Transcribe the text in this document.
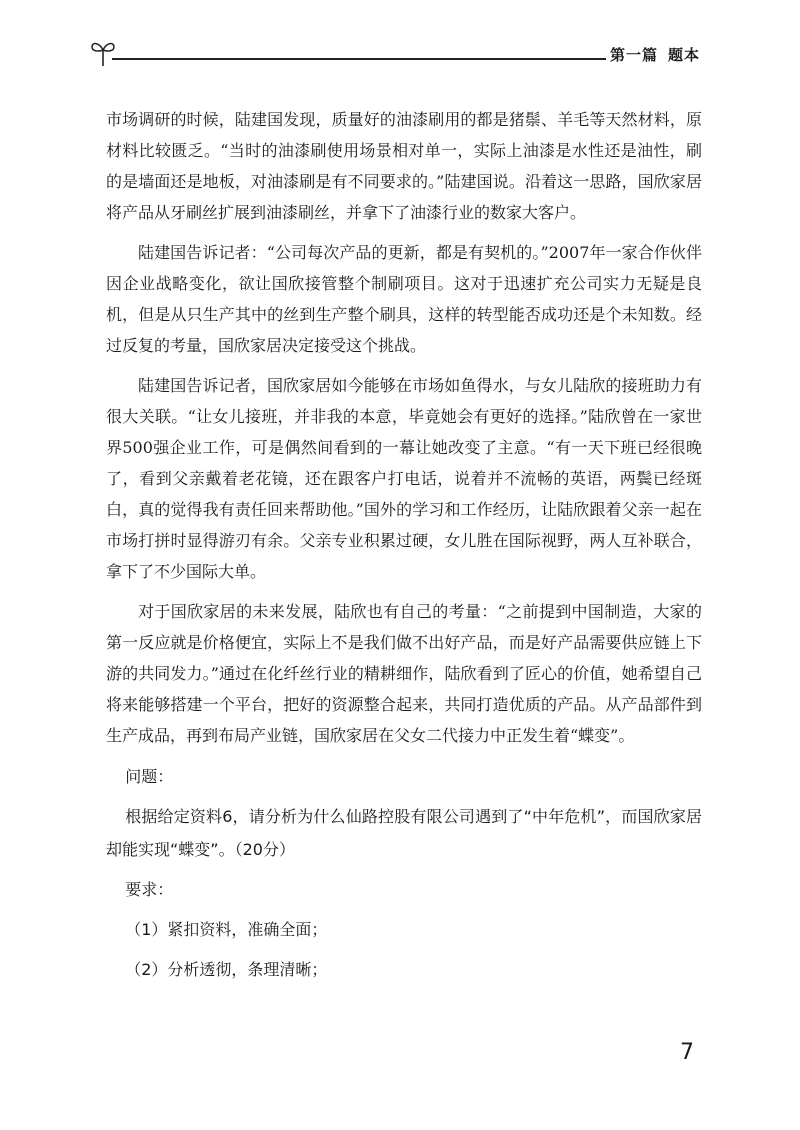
第一篇 题本

市场调研的时候，陆建国发现，质量好的油漆刷用的都是猪鬃、羊毛等天然材料，原材料比较匮乏。“当时的油漆刷使用场景相对单一，实际上油漆是水性还是油性，刷的是墙面还是地板，对油漆刷是有不同要求的。”陆建国说。沿着这一思路，国欣家居将产品从牙刷丝扩展到油漆刷丝，并拿下了油漆行业的数家大客户。

陆建国告诉记者：“公司每次产品的更新，都是有契机的。”2007年一家合作伙伴因企业战略变化，欲让国欣接管整个制刷项目。这对于迅速扩充公司实力无疑是良机，但是从只生产其中的丝到生产整个刷具，这样的转型能否成功还是个未知数。经过反复的考量，国欣家居决定接受这个挑战。

陆建国告诉记者，国欣家居如今能够在市场如鱼得水，与女儿陆欣的接班助力有很大关联。“让女儿接班，并非我的本意，毕竟她会有更好的选择。”陆欣曾在一家世界500强企业工作，可是偶然间看到的一幕让她改变了主意。“有一天下班已经很晚了，看到父亲戴着老花镜，还在跟客户打电话，说着并不流畅的英语，两鬓已经斑白，真的觉得我有责任回来帮助他。”国外的学习和工作经历，让陆欣跟着父亲一起在市场打拼时显得游刃有余。父亲专业积累过硬，女儿胜在国际视野，两人互补联合，拿下了不少国际大单。

对于国欣家居的未来发展，陆欣也有自己的考量：“之前提到中国制造，大家的第一反应就是价格便宜，实际上不是我们做不出好产品，而是好产品需要供应链上下游的共同发力。”通过在化纤丝行业的精耕细作，陆欣看到了匠心的价值，她希望自己将来能够搭建一个平台，把好的资源整合起来，共同打造优质的产品。从产品部件到生产成品，再到布局产业链，国欣家居在父女二代接力中正发生着“蝶变”。

问题：

根据给定资料6，请分析为什么仙路控股有限公司遇到了“中年危机”，而国欣家居却能实现“蝶变”。（20分）

要求：

（1）紧扣资料，准确全面；

（2）分析透彻，条理清晰；

7
